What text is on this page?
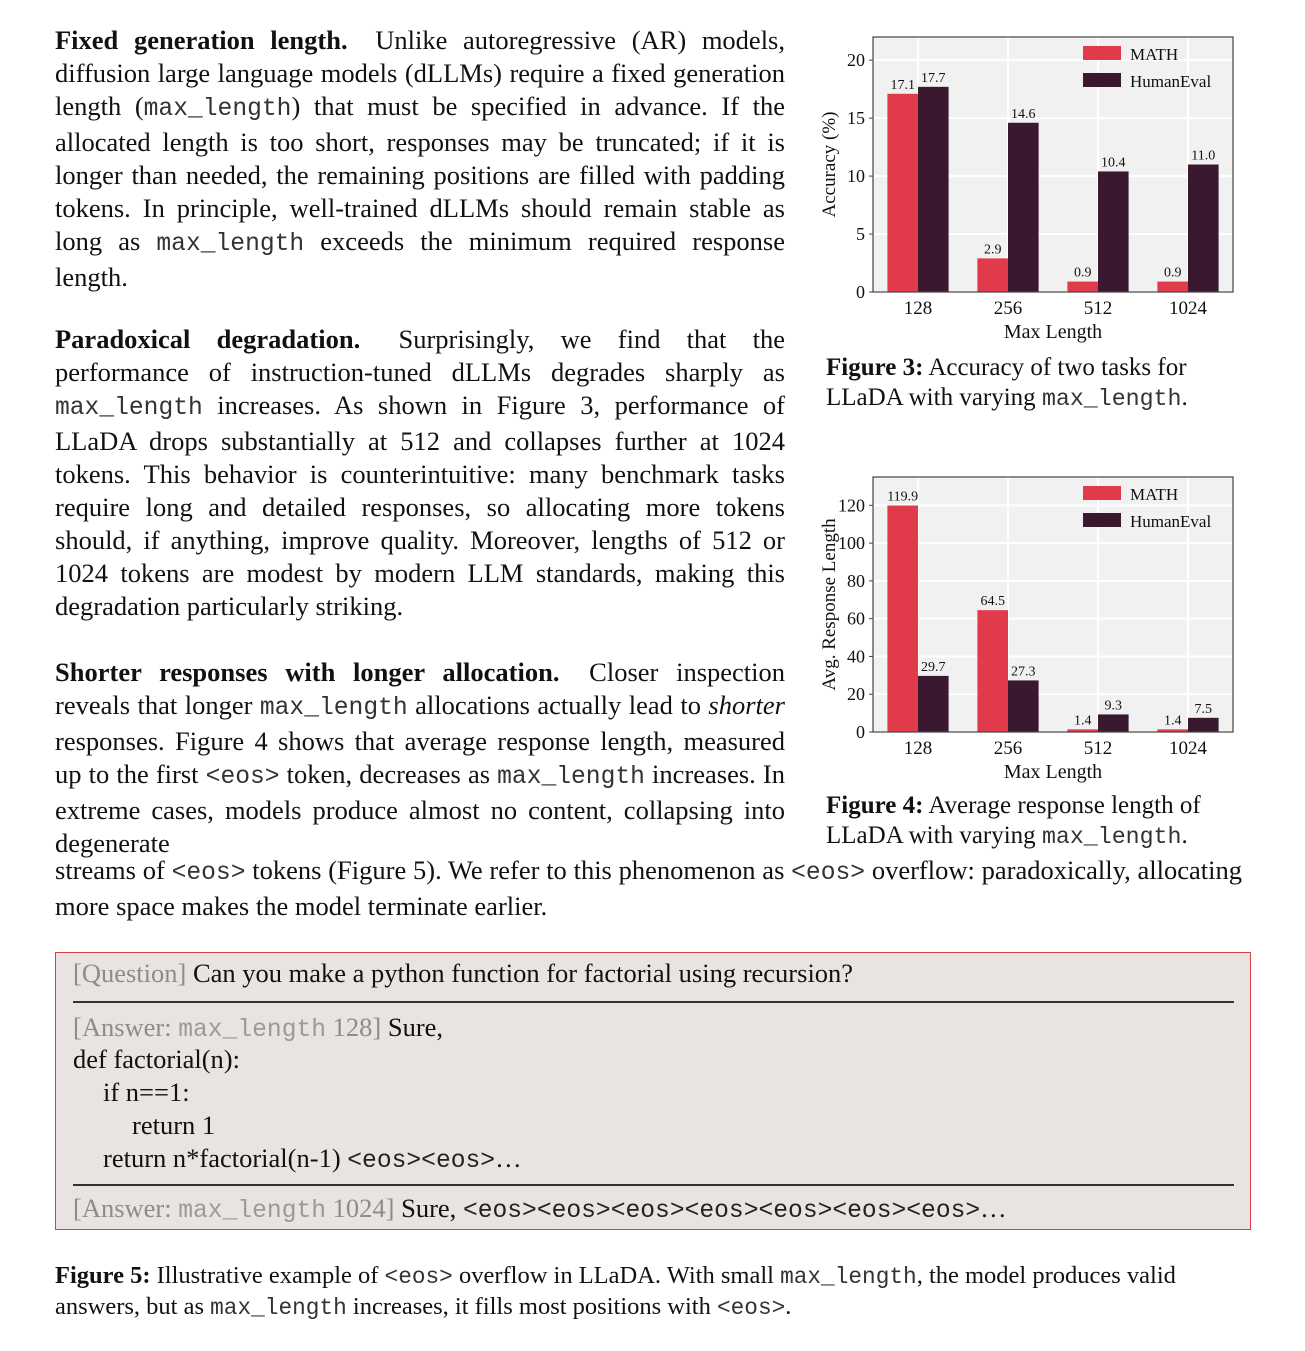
Fixed generation length. Unlike autoregressive (AR) models, diffusion large language models (dLLMs) require a fixed generation length (max_length) that must be specified in advance. If the allocated length is too short, responses may be truncated; if it is longer than needed, the remaining positions are filled with padding tokens. In principle, well-trained dLLMs should remain stable as long as max_length exceeds the minimum required response length.
Paradoxical degradation. Surprisingly, we find that the performance of instruction-tuned dLLMs degrades sharply as max_length increases. As shown in Figure 3, performance of LLaDA drops substantially at 512 and collapses further at 1024 tokens. This behavior is counterintuitive: many benchmark tasks require long and detailed responses, so allocating more tokens should, if anything, improve quality. Moreover, lengths of 512 or 1024 tokens are modest by modern LLM standards, making this degradation particularly striking.
Shorter responses with longer allocation. Closer inspection reveals that longer max_length allocations actually lead to shorter responses. Figure 4 shows that average response length, measured up to the first <eos> token, decreases as max_length increases. In extreme cases, models produce almost no content, collapsing into degenerate
streams of <eos> tokens (Figure 5). We refer to this phenomenon as <eos> overflow: paradoxically, allocating more space makes the model terminate earlier.
17.1
2.9
0.9	0.9
17.7
14.6
10.4	11.0
0
5
10
15
20
128	256	512	1024
Max Length
Accuracy (%)
MATH
HumanEval
Figure 3: Accuracy of two tasks for LLaDA with varying max_length.
119.9
64.5
1.4	1.4
29.7	27.3
9.3	7.5
0
20
40
60
80
100
120
128	256	512	1024
Max Length
Avg. Response Length
MATH
HumanEval
Figure 4: Average response length of LLaDA with varying max_length.
[Question] Can you make a python function for factorial using recursion?
[Answer: max_length 128] Sure,
def factorial(n):
if n==1:
return 1
return n*factorial(n-1) <eos><eos>…
[Answer: max_length 1024] Sure, <eos><eos><eos><eos><eos><eos><eos>…
Figure 5: Illustrative example of <eos> overflow in LLaDA. With small max_length, the model produces valid answers, but as max_length increases, it fills most positions with <eos>.
